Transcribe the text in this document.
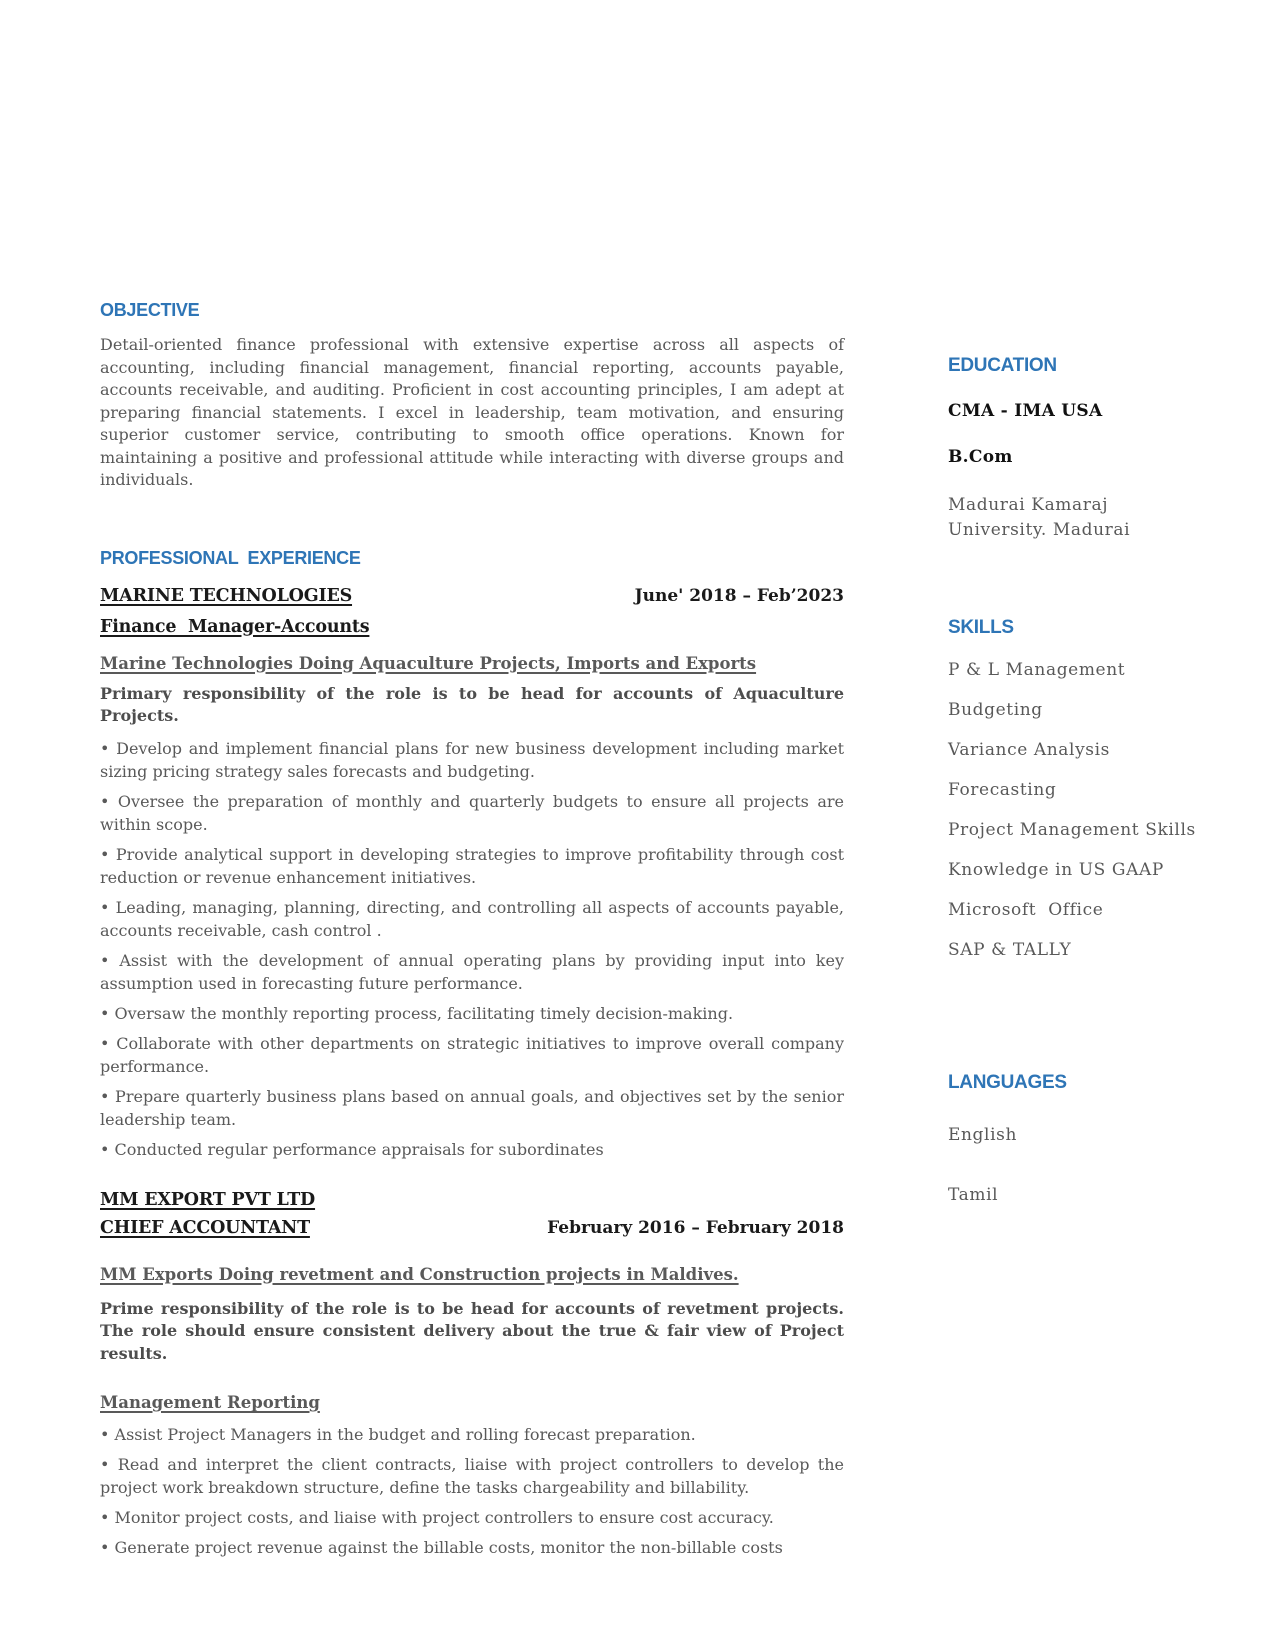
OBJECTIVE

Detail-oriented finance professional with extensive expertise across all aspects of accounting, including financial management, financial reporting, accounts payable, accounts receivable, and auditing. Proficient in cost accounting principles, I am adept at preparing financial statements. I excel in leadership, team motivation, and ensuring superior customer service, contributing to smooth office operations. Known for maintaining a positive and professional attitude while interacting with diverse groups and individuals.

PROFESSIONAL  EXPERIENCE
MARINE TECHNOLOGIES	June' 2018 – Feb’2023
Finance  Manager-Accounts

Marine Technologies Doing Aquaculture Projects, Imports and Exports

Primary responsibility of the role is to be head for accounts of Aquaculture Projects.

• Develop and implement financial plans for new business development including market sizing pricing strategy sales forecasts and budgeting.

• Oversee the preparation of monthly and quarterly budgets to ensure all projects are within scope.

• Provide analytical support in developing strategies to improve profitability through cost reduction or revenue enhancement initiatives.

• Leading, managing, planning, directing, and controlling all aspects of accounts payable, accounts receivable, cash control .

• Assist with the development of annual operating plans by providing input into key assumption used in forecasting future performance.

• Oversaw the monthly reporting process, facilitating timely decision-making.

• Collaborate with other departments on strategic initiatives to improve overall company performance.

• Prepare quarterly business plans based on annual goals, and objectives set by the senior leadership team.

• Conducted regular performance appraisals for subordinates

MM EXPORT PVT LTD
CHIEF ACCOUNTANT	February 2016 – February 2018

MM Exports Doing revetment and Construction projects in Maldives.

Prime responsibility of the role is to be head for accounts of revetment projects. The role should ensure consistent delivery about the true & fair view of Project results.

Management Reporting

• Assist Project Managers in the budget and rolling forecast preparation.

• Read and interpret the client contracts, liaise with project controllers to develop the project work breakdown structure, define the tasks chargeability and billability.

• Monitor project costs, and liaise with project controllers to ensure cost accuracy.

• Generate project revenue against the billable costs, monitor the non-billable costs

EDUCATION

CMA - IMA USA

B.Com

Madurai Kamaraj University. Madurai

SKILLS

P & L Management

Budgeting

Variance Analysis

Forecasting

Project Management Skills

Knowledge in US GAAP

Microsoft  Office

SAP & TALLY

LANGUAGES

English

Tamil
